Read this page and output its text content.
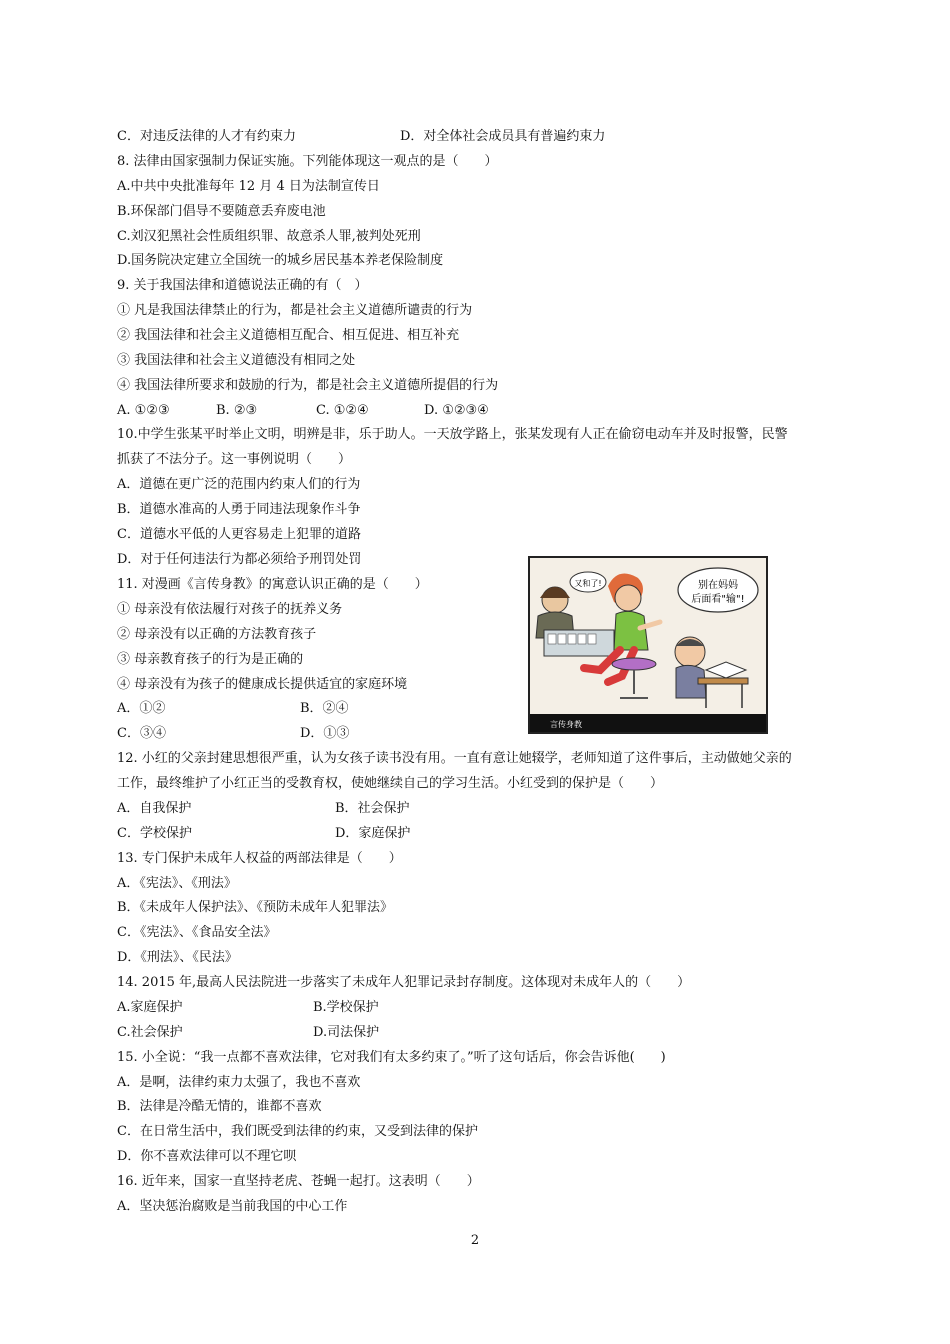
C．对违反法律的人才有约束力	D．对全体社会成员具有普遍约束力
8. 法律由国家强制力保证实施。下列能体现这一观点的是（　　）
A.中共中央批准每年 12 月 4 日为法制宣传日
B.环保部门倡导不要随意丢弃废电池
C.刘汉犯黑社会性质组织罪、故意杀人罪,被判处死刑
D.国务院决定建立全国统一的城乡居民基本养老保险制度
9. 关于我国法律和道德说法正确的有（　）
① 凡是我国法律禁止的行为，都是社会主义道德所谴责的行为
② 我国法律和社会主义道德相互配合、相互促进、相互补充
③ 我国法律和社会主义道德没有相同之处
④ 我国法律所要求和鼓励的行为，都是社会主义道德所提倡的行为
A. ①②③	B. ②③	C. ①②④	D. ①②③④
10.中学生张某平时举止文明，明辨是非，乐于助人。一天放学路上，张某发现有人正在偷窃电动车并及时报警，民警
抓获了不法分子。这一事例说明（　　）
A．道德在更广泛的范围内约束人们的行为
B．道德水准高的人勇于同违法现象作斗争
C．道德水平低的人更容易走上犯罪的道路
D．对于任何违法行为都必须给予刑罚处罚
11. 对漫画《言传身教》的寓意认识正确的是（　　）
① 母亲没有依法履行对孩子的抚养义务
② 母亲没有以正确的方法教育孩子
③ 母亲教育孩子的行为是正确的
④ 母亲没有为孩子的健康成长提供适宜的家庭环境
A．①②	B．②④
C．③④	D．①③
12. 小红的父亲封建思想很严重，认为女孩子读书没有用。一直有意让她辍学，老师知道了这件事后，主动做她父亲的
工作，最终维护了小红正当的受教育权，使她继续自己的学习生活。小红受到的保护是（　　）
A．自我保护	B．社会保护
C．学校保护	D．家庭保护
13. 专门保护未成年人权益的两部法律是（　　）
A．《宪法》、《刑法》
B．《未成年人保护法》、《预防未成年人犯罪法》
C．《宪法》、《食品安全法》
D．《刑法》、《民法》
14. 2015 年,最高人民法院进一步落实了未成年人犯罪记录封存制度。这体现对未成年人的（　　）
A.家庭保护	B.学校保护
C.社会保护	D.司法保护
15. 小全说：“我一点都不喜欢法律，它对我们有太多约束了。”听了这句话后，你会告诉他(　　)
A．是啊，法律约束力太强了，我也不喜欢
B．法律是冷酷无情的，谁都不喜欢
C．在日常生活中，我们既受到法律的约束，又受到法律的保护
D．你不喜欢法律可以不理它呗
16. 近年来，国家一直坚持老虎、苍蝇一起打。这表明（　　）
A．坚决惩治腐败是当前我国的中心工作
又和了!	别在妈妈
后面看"输"!
言传身教
2
